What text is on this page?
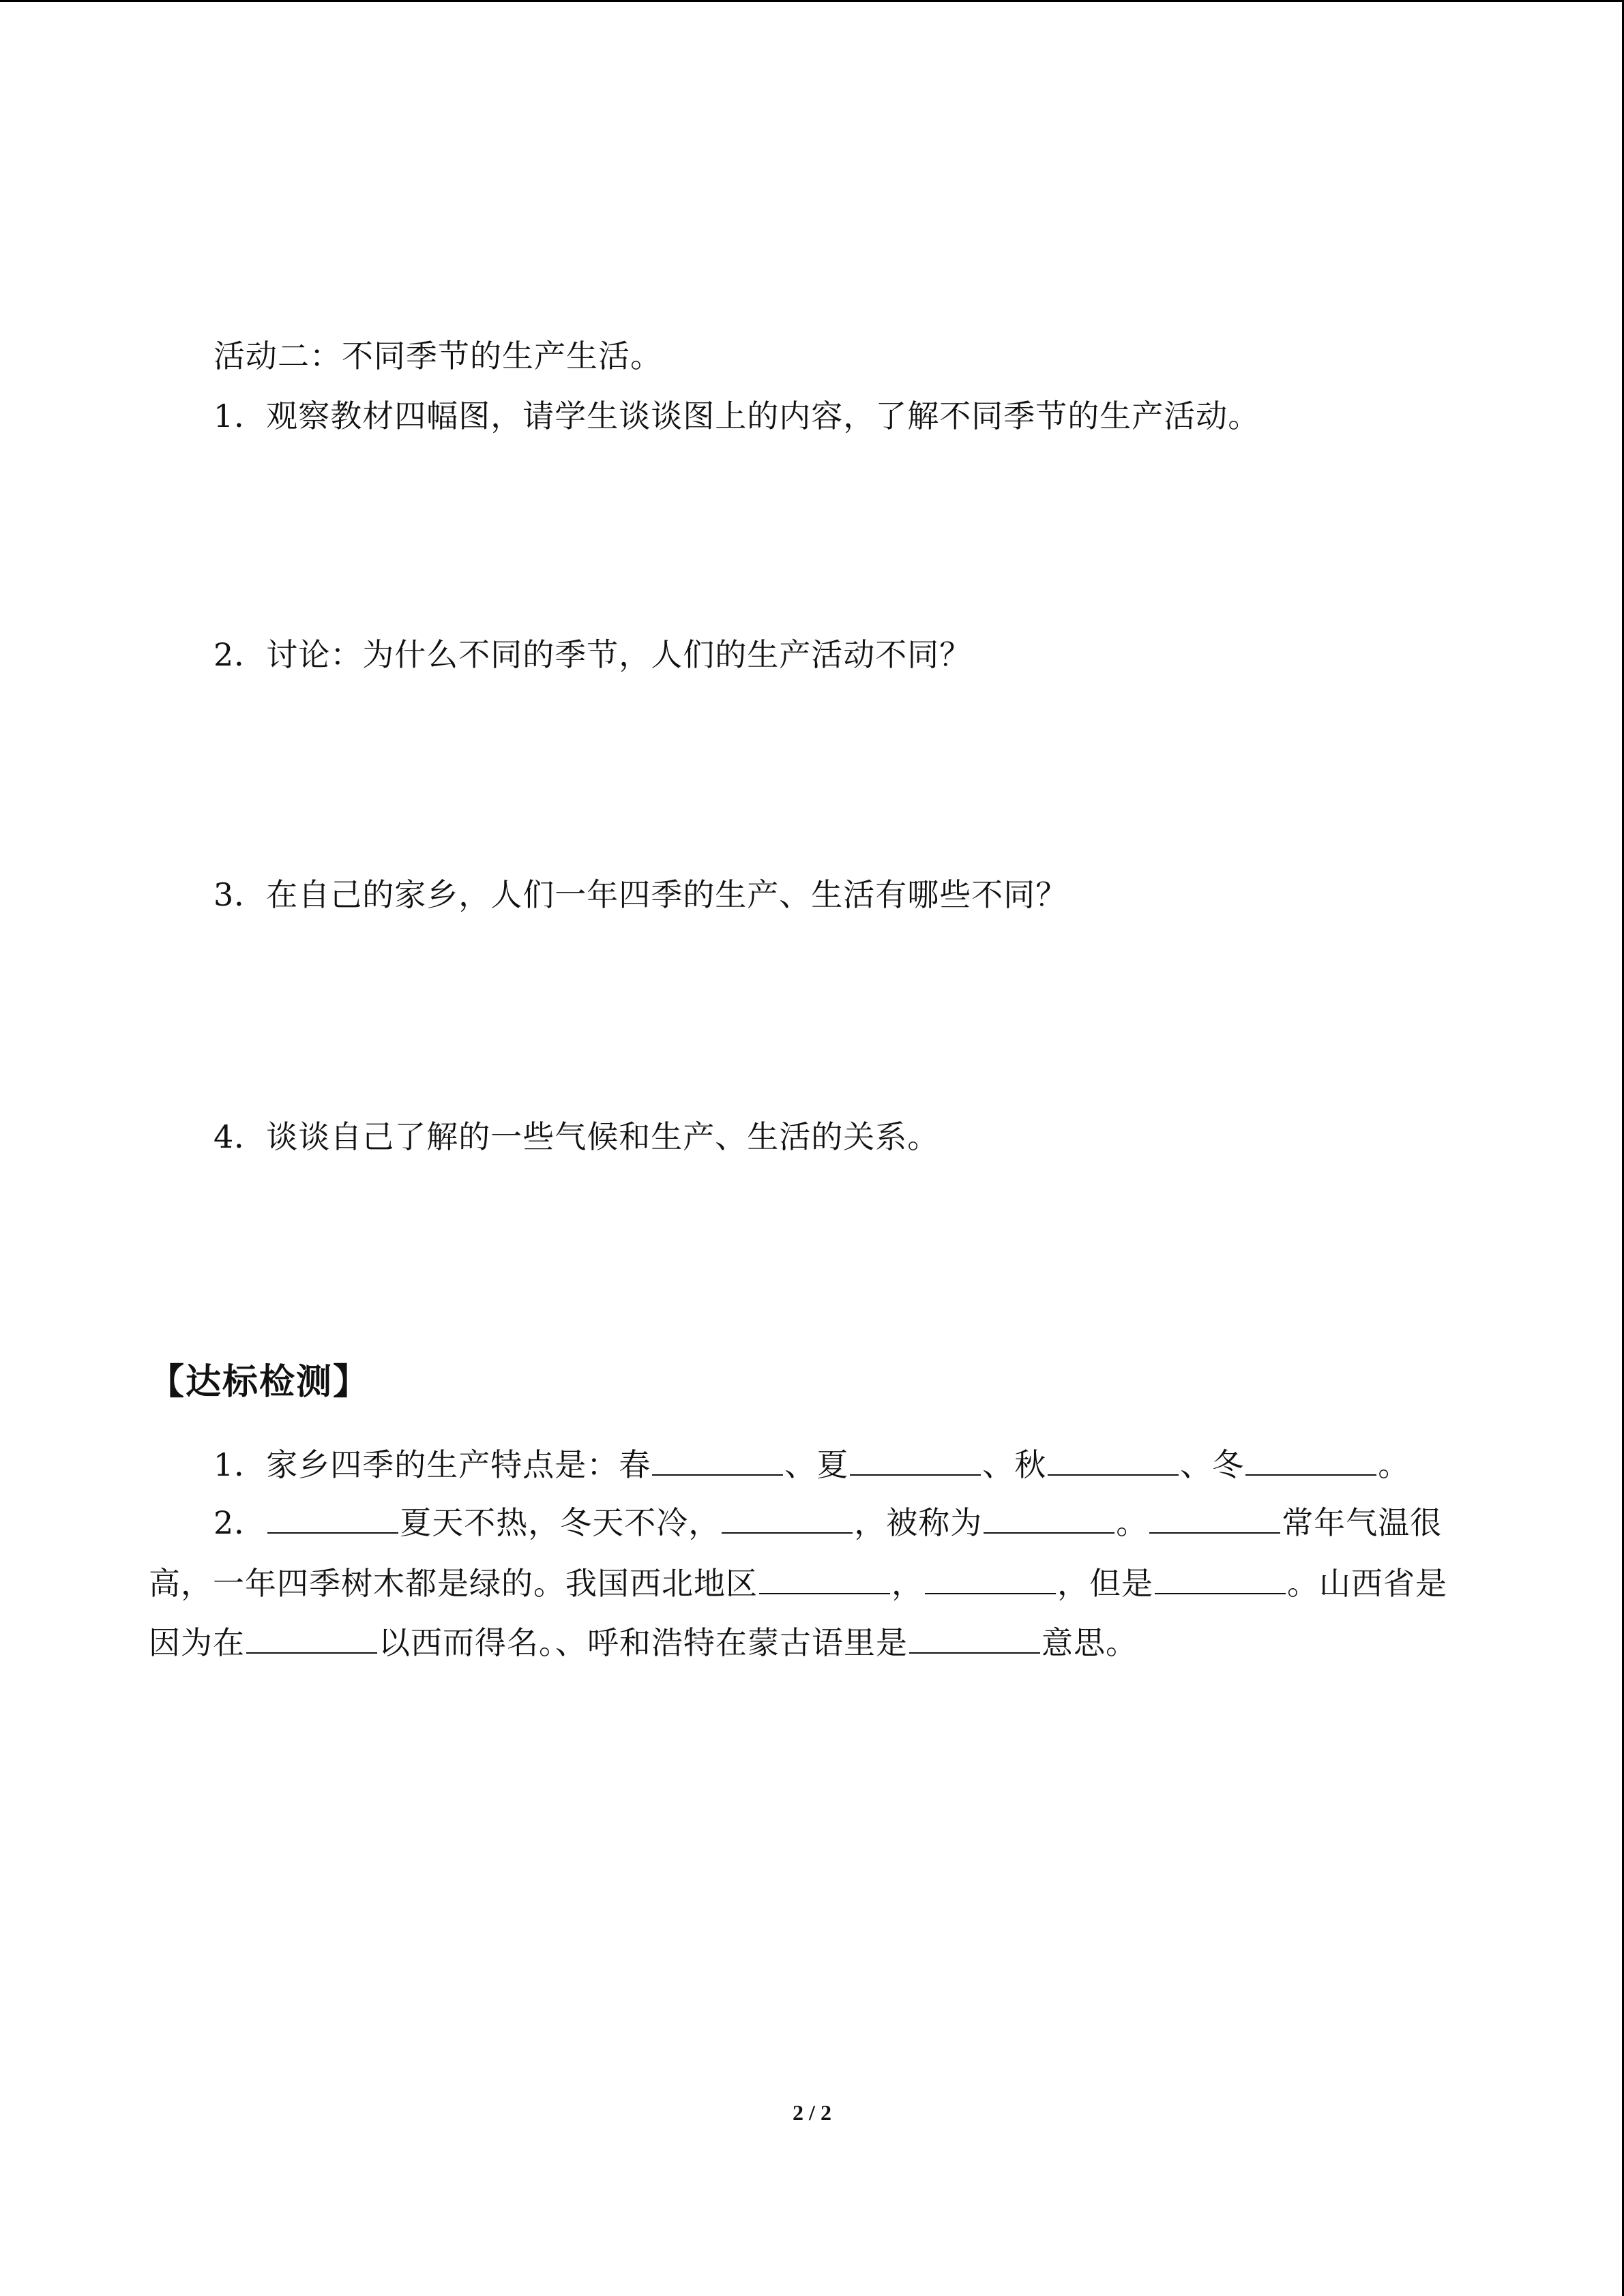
活动二：不同季节的生产生活。
1．观察教材四幅图，请学生谈谈图上的内容，了解不同季节的生产活动。
2．讨论：为什么不同的季节，人们的生产活动不同？
3．在自己的家乡，人们一年四季的生产、生活有哪些不同？
4．谈谈自己了解的一些气候和生产、生活的关系。
【达标检测】
1．家乡四季的生产特点是：春	、夏	、秋	、冬	。
2．	夏天不热，冬天不冷，	，被称为	。	常年气温很
高，一年四季树木都是绿的。我国西北地区	，	，但是	。山西省是
因为在	以西而得名。、呼和浩特在蒙古语里是	意思。
2 / 2
